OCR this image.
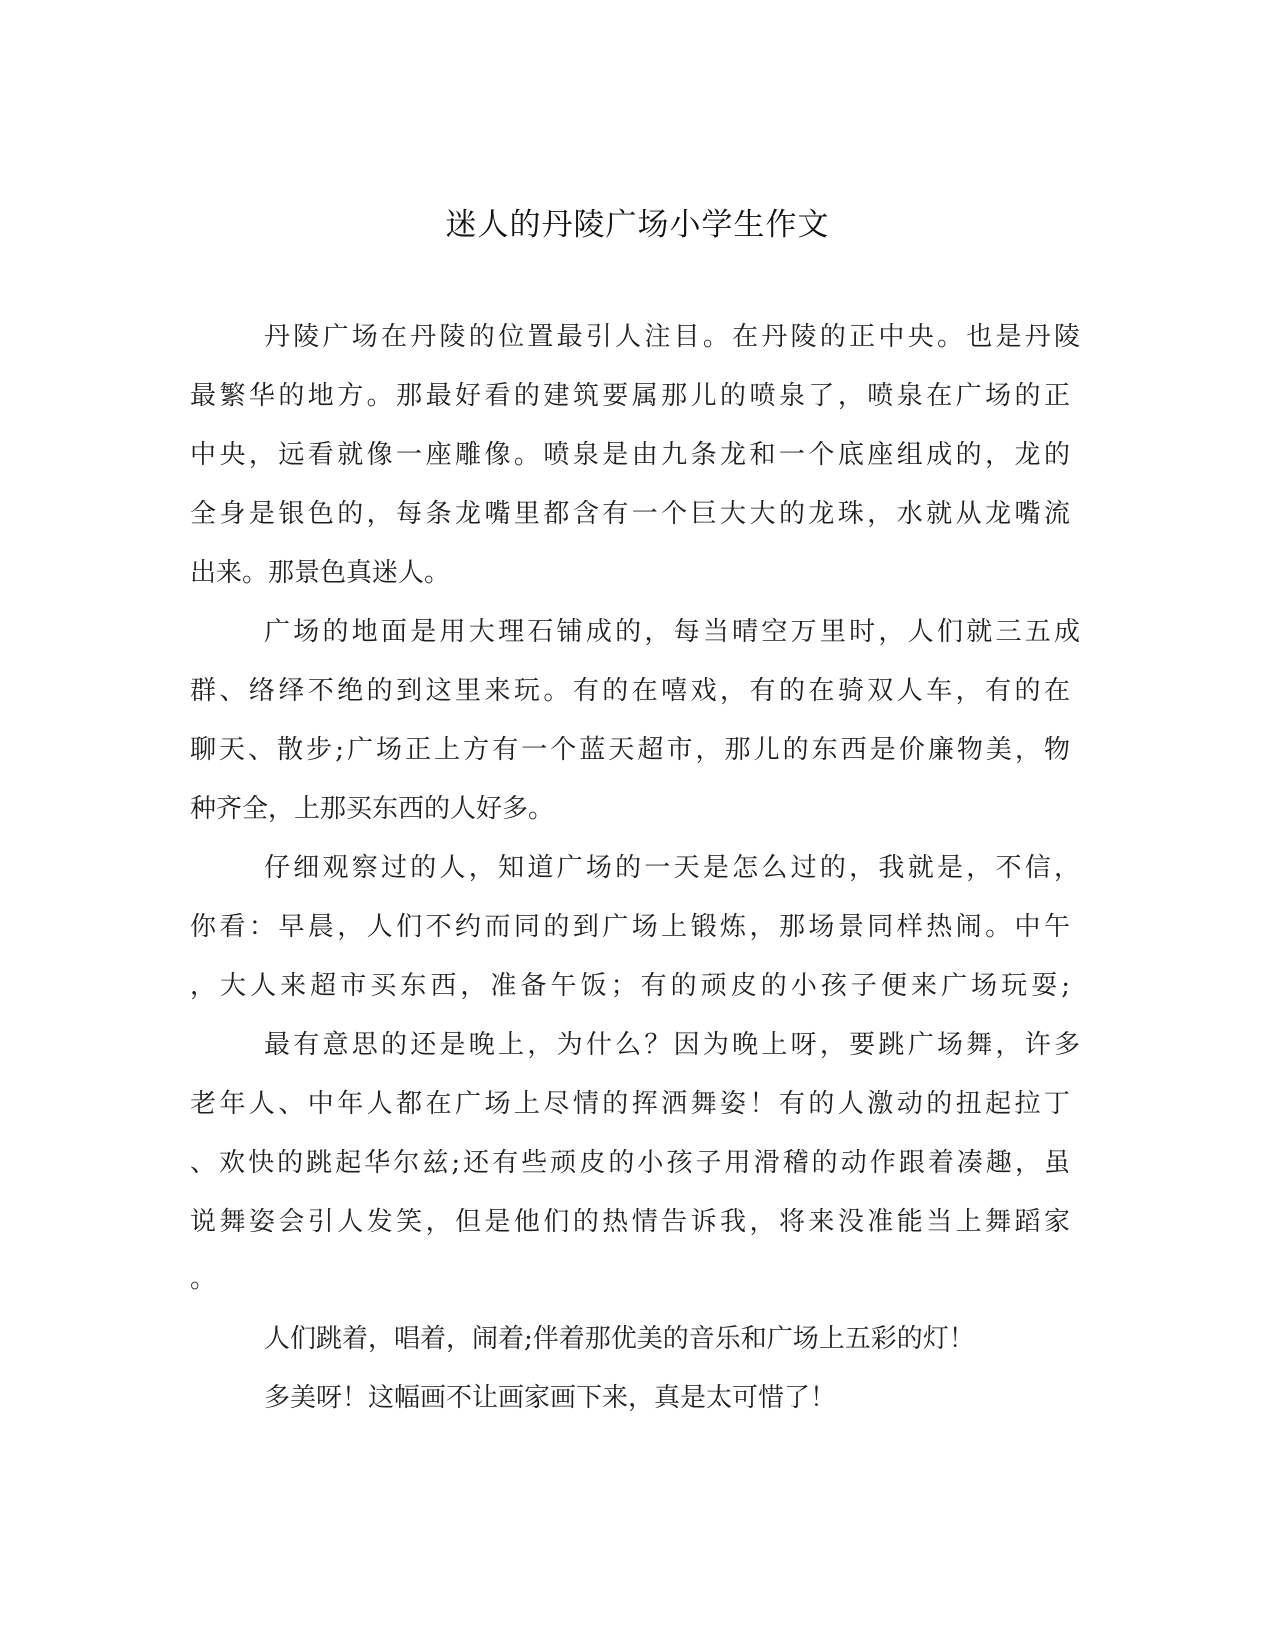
迷人的丹陵广场小学生作文
丹陵广场在丹陵的位置最引人注目。在丹陵的正中央。也是丹陵
最繁华的地方。那最好看的建筑要属那儿的喷泉了，喷泉在广场的正
中央，远看就像一座雕像。喷泉是由九条龙和一个底座组成的，龙的
全身是银色的，每条龙嘴里都含有一个巨大大的龙珠，水就从龙嘴流
出来。那景色真迷人。
广场的地面是用大理石铺成的，每当晴空万里时，人们就三五成
群、络绎不绝的到这里来玩。有的在嘻戏，有的在骑双人车，有的在
聊天、散步;广场正上方有一个蓝天超市，那儿的东西是价廉物美，物
种齐全，上那买东西的人好多。
仔细观察过的人，知道广场的一天是怎么过的，我就是，不信，
你看：早晨，人们不约而同的到广场上锻炼，那场景同样热闹。中午
，大人来超市买东西，准备午饭；有的顽皮的小孩子便来广场玩耍;
最有意思的还是晚上，为什么？因为晚上呀，要跳广场舞，许多
老年人、中年人都在广场上尽情的挥洒舞姿！有的人激动的扭起拉丁
、欢快的跳起华尔兹;还有些顽皮的小孩子用滑稽的动作跟着凑趣，虽
说舞姿会引人发笑，但是他们的热情告诉我，将来没准能当上舞蹈家
。
人们跳着，唱着，闹着;伴着那优美的音乐和广场上五彩的灯！
多美呀！这幅画不让画家画下来，真是太可惜了！
